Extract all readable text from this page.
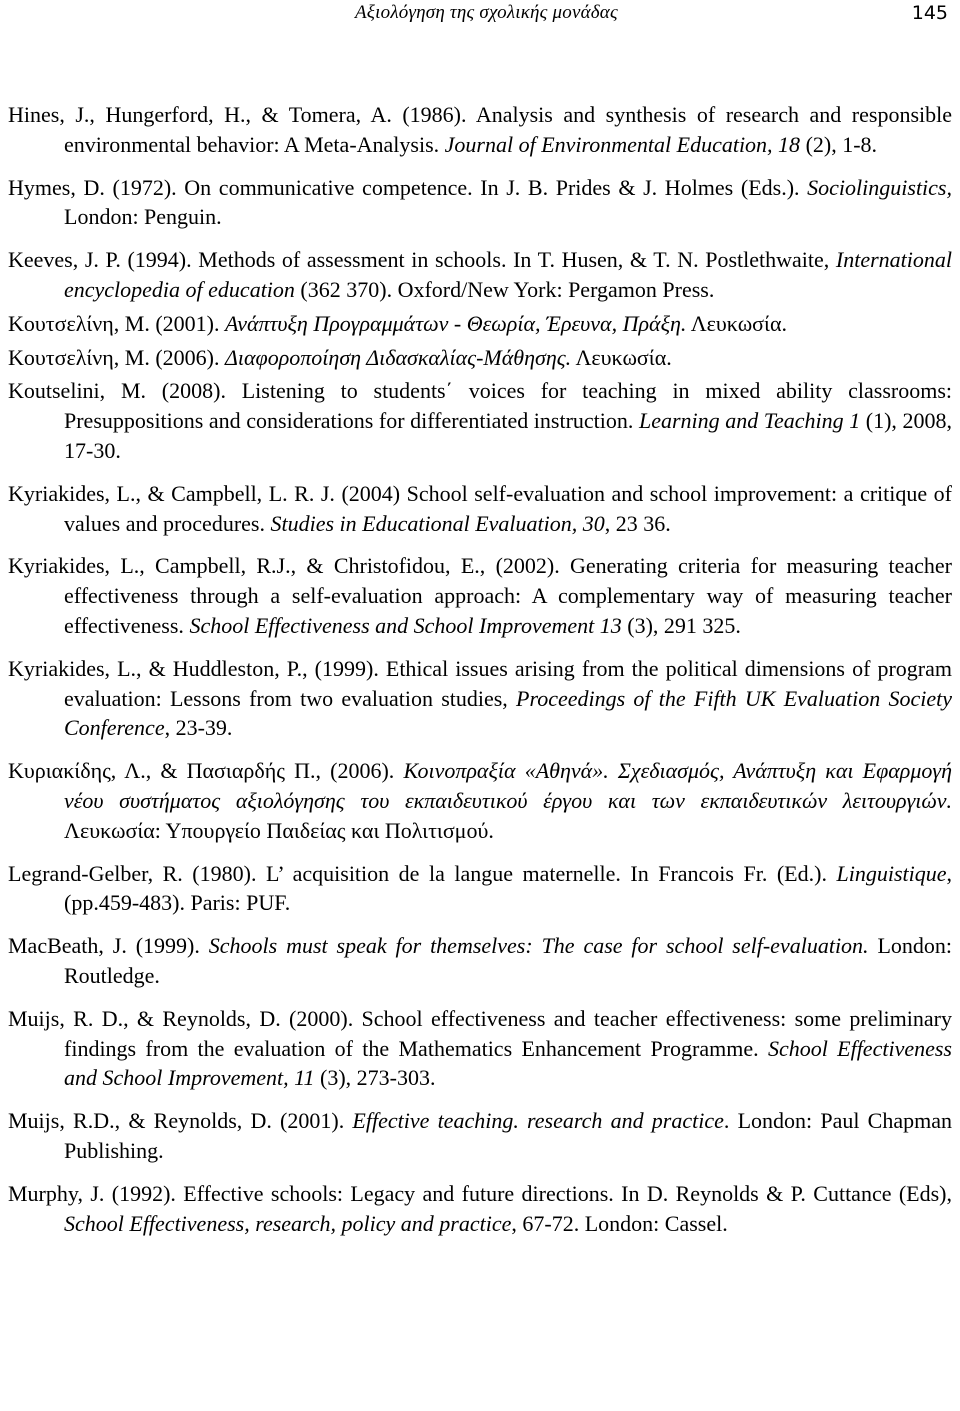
Αξιολόγηση της σχολικής μονάδας	145

Hines, J., Hungerford, H., & Tomera, A. (1986). Analysis and synthesis of research and responsible environmental behavior: A Meta-Analysis. Journal of Environmental Education, 18 (2), 1-8.

Hymes, D. (1972). On communicative competence. In J. B. Prides & J. Holmes (Eds.). Sociolinguistics, London: Penguin.

Keeves, J. P. (1994). Methods of assessment in schools. In T. Husen, & T. N. Postlethwaite, International encyclopedia of education (362 370). Oxford/New York: Pergamon Press.

Κουτσελίνη, Μ. (2001). Ανάπτυξη Προγραμμάτων - Θεωρία, Έρευνα, Πράξη. Λευκωσία.

Κουτσελίνη, Μ. (2006). Διαφοροποίηση Διδασκαλίας-Μάθησης. Λευκωσία.

Koutselini, M. (2008). Listening to students΄ voices for teaching in mixed ability classrooms: Presuppositions and considerations for differentiated instruction. Learning and Teaching 1 (1), 2008, 17-30.

Kyriakides, L., & Campbell, L. R. J. (2004) School self-evaluation and school improvement: a critique of values and procedures. Studies in Educational Evaluation, 30, 23 36.

Kyriakides, L., Campbell, R.J., & Christofidou, E., (2002). Generating criteria for measuring teacher effectiveness through a self-evaluation approach: A complementary way of measuring teacher effectiveness. School Effectiveness and School Improvement 13 (3), 291 325.

Kyriakides, L., & Huddleston, P., (1999). Ethical issues arising from the political dimensions of program evaluation: Lessons from two evaluation studies, Proceedings of the Fifth UK Evaluation Society Conference, 23-39.

Κυριακίδης, Λ., & Πασιαρδής Π., (2006). Κοινοπραξία «Αθηνά». Σχεδιασμός, Ανάπτυξη και Εφαρμογή νέου συστήματος αξιολόγησης του εκπαιδευτικού έργου και των εκπαιδευτικών λειτουργιών. Λευκωσία: Υπουργείο Παιδείας και Πολιτισμού.

Legrand-Gelber, R. (1980). L’ acquisition de la langue maternelle. In Francois Fr. (Ed.). Linguistique, (pp.459-483). Paris: PUF.

MacBeath, J. (1999). Schools must speak for themselves: The case for school self-evaluation. London: Routledge.

Muijs, R. D., & Reynolds, D. (2000). School effectiveness and teacher effectiveness: some preliminary findings from the evaluation of the Mathematics Enhancement Programme. School Effectiveness and School Improvement, 11 (3), 273-303.

Muijs, R.D., & Reynolds, D. (2001). Effective teaching. research and practice. London: Paul Chapman Publishing.

Murphy, J. (1992). Effective schools: Legacy and future directions. In D. Reynolds & P. Cuttance (Eds), School Effectiveness, research, policy and practice, 67-72. London: Cassel.
